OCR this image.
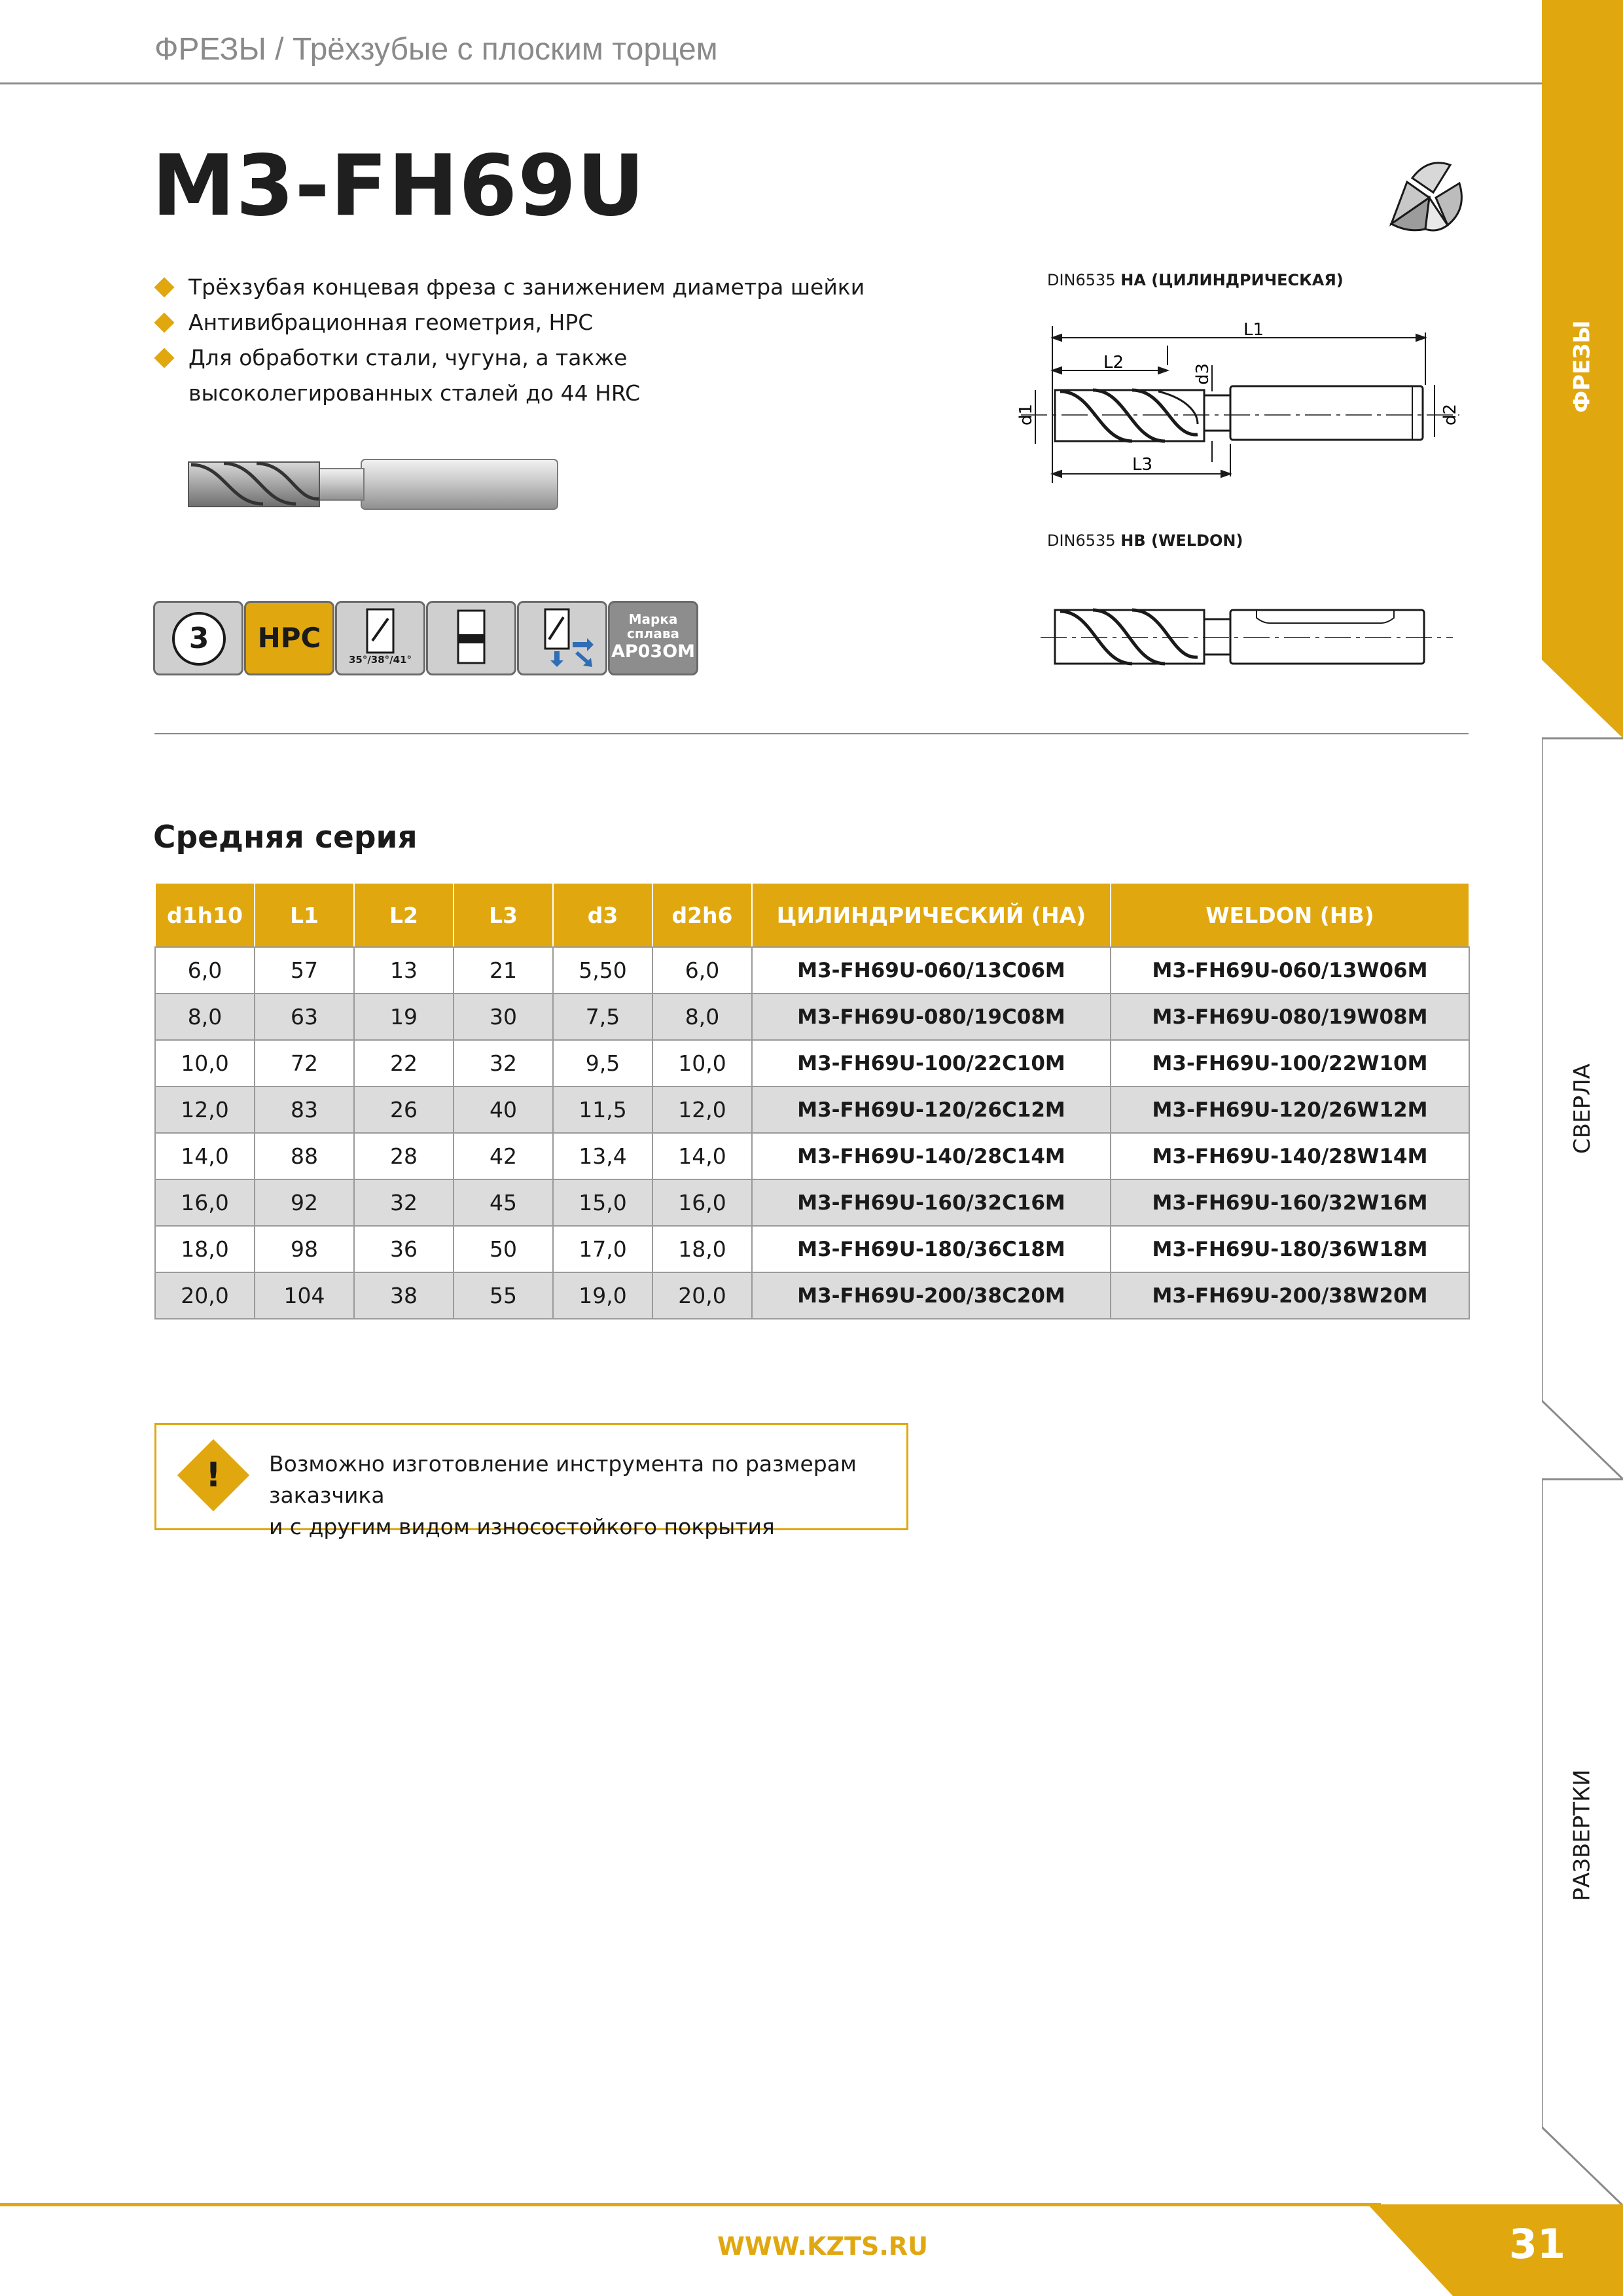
ФРЕЗЫ / Трёхзубые с плоским торцем
M3-FH69U
Трёхзубая концевая фреза с занижением диаметра шейки
Антивибрационная геометрия, HPC
Для обработки стали, чугуна, а также
высоколегированных сталей до 44 HRC
3	HPC
35°/38°/41°
Марка
сплава
AP03OM
DIN6535 HA (ЦИЛИНДРИЧЕСКАЯ)
L1
L2
L3
d1	d2
d3
DIN6535 HB (WELDON)
Средняя серия
d1h10	L1	L2	L3	d3	d2h6	ЦИЛИНДРИЧЕСКИЙ (HA)	WELDON (HB)
6,0	57	13	21	5,50	6,0	M3-FH69U-060/13C06M	M3-FH69U-060/13W06M
8,0	63	19	30	7,5	8,0	M3-FH69U-080/19C08M	M3-FH69U-080/19W08M
10,0	72	22	32	9,5	10,0	M3-FH69U-100/22C10M	M3-FH69U-100/22W10M
12,0	83	26	40	11,5	12,0	M3-FH69U-120/26C12M	M3-FH69U-120/26W12M
14,0	88	28	42	13,4	14,0	M3-FH69U-140/28C14M	M3-FH69U-140/28W14M
16,0	92	32	45	15,0	16,0	M3-FH69U-160/32C16M	M3-FH69U-160/32W16M
18,0	98	36	50	17,0	18,0	M3-FH69U-180/36C18M	M3-FH69U-180/36W18M
20,0	104	38	55	19,0	20,0	M3-FH69U-200/38C20M	M3-FH69U-200/38W20M
!	Возможно изготовление инструмента по размерам заказчика
и с другим видом износостойкого покрытия
ФРЕЗЫ
СВЕРЛА
РАЗВЕРТКИ
WWW.KZTS.RU	31
